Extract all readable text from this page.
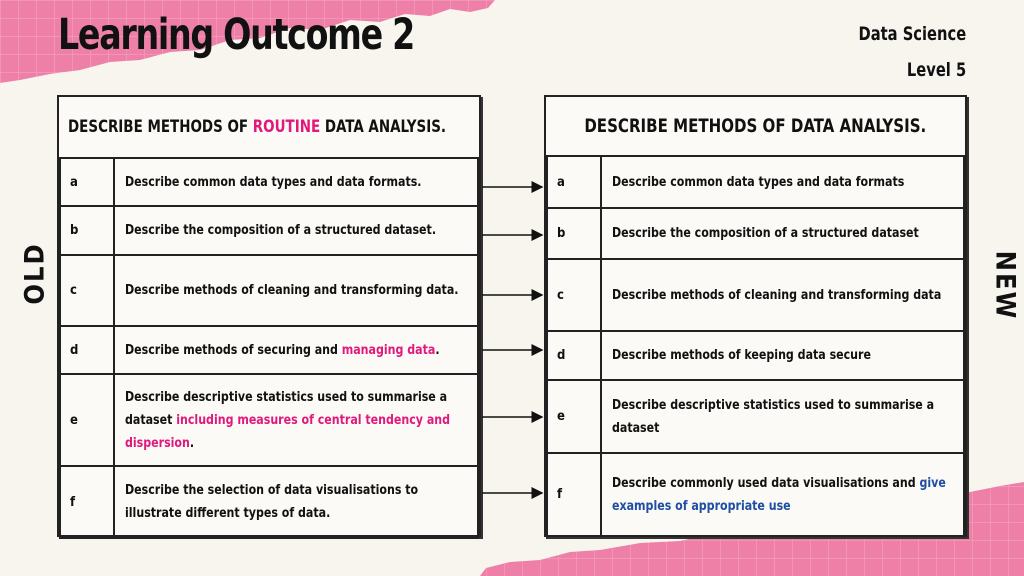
Learning Outcome 2	Data Science
Level 5
OLD	NEW
DESCRIBE METHODS OF ROUTINE DATA ANALYSIS.
a	Describe common data types and data formats.
b	Describe the composition of a structured dataset.
c	Describe methods of cleaning and transforming data.
d	Describe methods of securing and managing data.
e	Describe descriptive statistics used to summarise a dataset including measures of central tendency and dispersion.
f	Describe the selection of data visualisations to illustrate different types of data.
DESCRIBE METHODS OF DATA ANALYSIS.
a	Describe common data types and data formats
b	Describe the composition of a structured dataset
c	Describe methods of cleaning and transforming data
d	Describe methods of keeping data secure
e	Describe descriptive statistics used to summarise a dataset
f	Describe commonly used data visualisations and give examples of appropriate use
